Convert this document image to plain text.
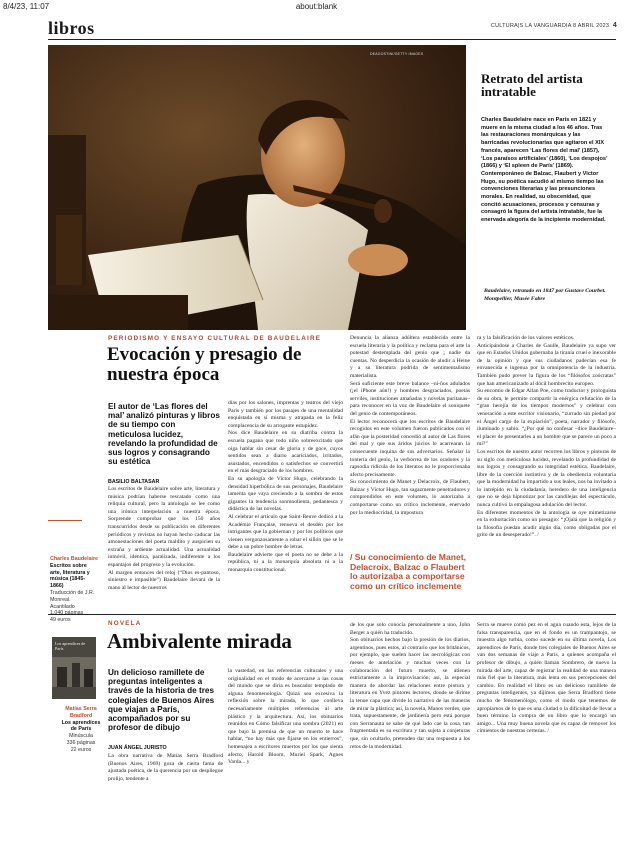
8/4/23, 11:07	about:blank
libros	CULTURA|S LA VANGUARDIA 8 ABRIL 2023 4
DEAGOSTINI/GETTY IMAGES
Retrato del artista intratable
Charles Baudelaire nace en París en 1821 y muere en la misma ciudad a los 46 años. Tras las restauraciones monárquicas y las barricadas revolucionarias que agitaron el XIX francés, aparecen ‘Las flores del mal’ (1857), ‘Los paraísos artificiales’ (1860), ‘Los despojos’ (1866) y ‘El spleen de París’ (1869). Contemporáneo de Balzac, Flaubert y Victor Hugo, su poética sacudió al mismo tiempo las convenciones literarias y las presunciones morales. En realidad, su obscenidad, que concitó acusaciones, procesos y censuras y consagró la figura del artista intratable, fue la enervada alegoría de la incipiente modernidad.
Baudelaire, retratado en 1847 por Gustave Courbet. Montpellier, Musée Fabre
PERIODISMO Y ENSAYO CULTURAL DE BAUDELAIRE
Evocación y presagio de nuestra época
El autor de ‘Las flores del mal’ analizó pinturas y libros de su tiempo con meticulosa lucidez, revelando la profundidad de sus logros y consagrando su estética
BASILIO BALTASAR
Charles Baudelaire
Escritos sobre arte, literatura y música (1845-1866)
Traducción de J.R. Monreal.
Acantilado
49 euros
Los escritos de Baudelaire sobre arte, literatura y música podrían haberse rescatado como una reliquia cultural, pero la antología se lee como una irónica interpelación a nuestra época. Sorprende comprobar que los 150 años transcurridos desde su publicación en diferentes periódicos y revistas no hayan hecho caducar las amonestaciones del poeta maldito y auspicien su extraña y ardiente actualidad. Una actualidad inmóvil, idéntica, paralizada, indiferente a los espantajos del progreso y la evolución.
Al margen entonces del reloj (“Dios es-pantoso, siniestro e impasible”) Baudelaire llevará de la mano al lector de nuestros
días por los salones, imprentas y teatros del viejo París y también por los pasajes de una mentalidad enquistada en sí misma y atrapada en la feliz complacencia de su arrogante estupidez.
Nos dice Baudelaire en su diatriba contra la escuela pagana que todo niño sobreexcitado que oiga hablar sin cesar de gloria y de goce, cuyos sentidos sean a diario acariciados, irritados, asustados, encendidos o satisfechos se convertirá en el más desgraciado de los hombres.
En su apología de Victor Hugo, celebrando la densidad hiperbólica de sus personajes, Baudelaire lamenta que vaya creciendo a la sombra de estos gigantes la tendencia sonmnolienta, pedantesca y didáctica de las novelas.
Al celebrar el artículo que Saint-Beuve dedicó a la Académie Française, renueva el desdén por los intrigantes que la gobiernan y por los políticos que vienen vergonzosamente a robar el sillón que se le debe a un pobre hombre de letras.
Baudelaire advierte que el poeta no se debe a la república, ni a la monarquía absoluta ni a la monarquía constitucional.
Denuncia la alianza adúltera establecida entre la escuela literaria y la política y reclama para el arte la potestad destemplada del genio que ¡ nadie da cuentas. No desperdicia la ocasión de aludir a Heine y a su literatura podrida de sentimentalismo materialista.
Será suficiente este breve balance –ni-ños adulados (¡el iPhone aún!) y hombres desgraciados, poetas serviles, instituciones amañadas y novelas puritanas– para reconocer en la voz de Baudelaire el soniquete del genio de contemporáneos.
El lector reconocerá que los escritos de Baudelaire recogidos en este volumen fueron publicados con el afán que la posteridad concedió al autor de Las flores del mal y que sus áridos juicios le acarrearan la consecuente inquina de sus adversarios. Señalar la tontería del genio, la verborrea de los oradores y la rapsodia ridícula de los literatos no le proporcionaba afecto precisamente.
Su conocimiento de Manet y Delacroix, de Flaubert, Balzac y Victor Hugo, tan sagazmente penetradores y comprendidos en este volumen, lo autorizaba a comportarse como un crítico inclemente, enervado por la mediocridad, la impostura
/ Su conocimiento de Manet, Delacroix, Balzac o Flaubert lo autorizaba a comportarse como un crítico inclemente
ra y la falsificación de los valores estéticos.
Anticipándose a Charles de Gaulle, Baudelaire ya supo ver que en Estados Unidos gobernaba la tiranía cruel e inexorable de la opinión y que sus ciudadanos padecían esa fe envanecida e ingenua por la omnipotencia de la industria. También pudo prever la figura de los “filósofos zoócratas” que han americanizado al dócil hombrecito europeo.
Su encomio de Edgar Allan Poe, como traductor y prologuista de su obra, le permite compartir la enérgica refutación de la “gran herejía de los tiempos modernos” y celebrar con veneración a este escritor visionario, “zurrado sin piedad por el Ángel cargo de la expiación”, poeta, narrador y filósofo, iluminado y sabio. “¿Por qué no confesar –dice Baudelaire– el placer de presentarles a un hombre que se parece un poco a mí?”
Los escritos de nuestro autor recorren los libros y pinturas de su siglo con meticulosa lucidez, revelando la profundidad de sus logros y consagrando su integridad estética. Baudelaire, libre de la coerción instintiva y de la obediencia voluntaria que la modernidad ha impartido a sus leales, nos ha invitado a lo intrépido en la ciudadanía, heredero de una inteligencia que no se deja hipnotizar por las candilejas del espectáculo, nunca cultivó la empalagosa adulación del lector.
En diferentes momentos de la antología se oye mimetizarse en la exhortación como un presagio: “¡Ojalá que la religión y la filosofía puedan acudir algún día, como obligadas por el grito de un desesperado!”. /
NOVELA
Ambivalente mirada
Un delicioso ramillete de preguntas inteligentes a través de la historia de tres colegiales de Buenos Aires que viajan a París, acompañados por su profesor de dibujo
JUAN ÁNGEL JURISTO
La obra narrativa de Matías Serra Bradford (Buenos Aires, 1969) goza de cierta fama de ajustada poética, de la querencia por un despliegue prolijo, tendente a
Los aprendices de París
Matías Serra Bradford
Los aprendices de París
Minúscula
336 páginas
22 euros
la vastedad, en las referencias culturales y una originalidad en el modo de acercarse a las cosas del mundo que se diría es buscador templado de alguna fenomenología. Quizá sea excesiva la reflexión sobre la mirada, lo que conlleva necesariamente múltiples referencias al arte plástico y la arquitectura. Así, los obituarios reunidos en Cómo falsificar una sombra (2021) en que bajo la premisa de que un muerto te hace hablar, “no hay más que fijarse en los entierros”, homenajea a escritores muertos por los que sienta afecto, Harold Bloom, Muriel Spark, Agnes Varda... y
de los que solo conocía personalmente a uno, John Berger a quién ha traducido.
Son obituarios hechos bajo la presión de los diarios, argentinos, pues estos, al contrario que los británicos, por ejemplo, que suelen hacer las necrológicas con meses de antelación y muchas veces con la colaboración del futuro muerto, se atienen estrictamente a la improvisación; así, la especial manera de abordar las relaciones entre pintura y literatura en Yvez pintores lectores, donde se dirime la tenue capa que divide lo narrativo de las maneras de mirar la plástica; así, la novela, Manos verdes, que trata, supuestamente, de jardinería pero está porque con Serranauta se sabe de qué lado cae la cosa, tan fragmentada es su escritura y tan sujeta a conjeturas que, sin ocultarlo, pretenden dar una respuesta a los retos de la modernidad.
Serra se mueve como pez en el agua cuando esta, lejos de la falsa transparencia, que en el fondo es un trampantojo, se muestra algo turbia, como sucede en su última novela, Los aprendices de París, donde tres colegiales de Buenos Aires se van dos semanas de viaje a París, a quienes acompaña el profesor de dibujo, a quién llaman Sombrero, de nuevo la mirada del arte, capaz de registrar la realidad de una manera más fiel que la literatura, más lenta en sus percepciones del cambio. En realidad el libro es un delicioso ramillete de preguntas inteligentes, ya dijimos que Serra Bradford tiene mucho de fenomenólogo, como el modo que tenemos de apropiarnos de lo que es una ciudad o la dificultad de llevar a buen término la compra de un libro que lo encargó un amigo... Una muy buena novela que es capaz de remover los cimientos de nuestras certezas. /
